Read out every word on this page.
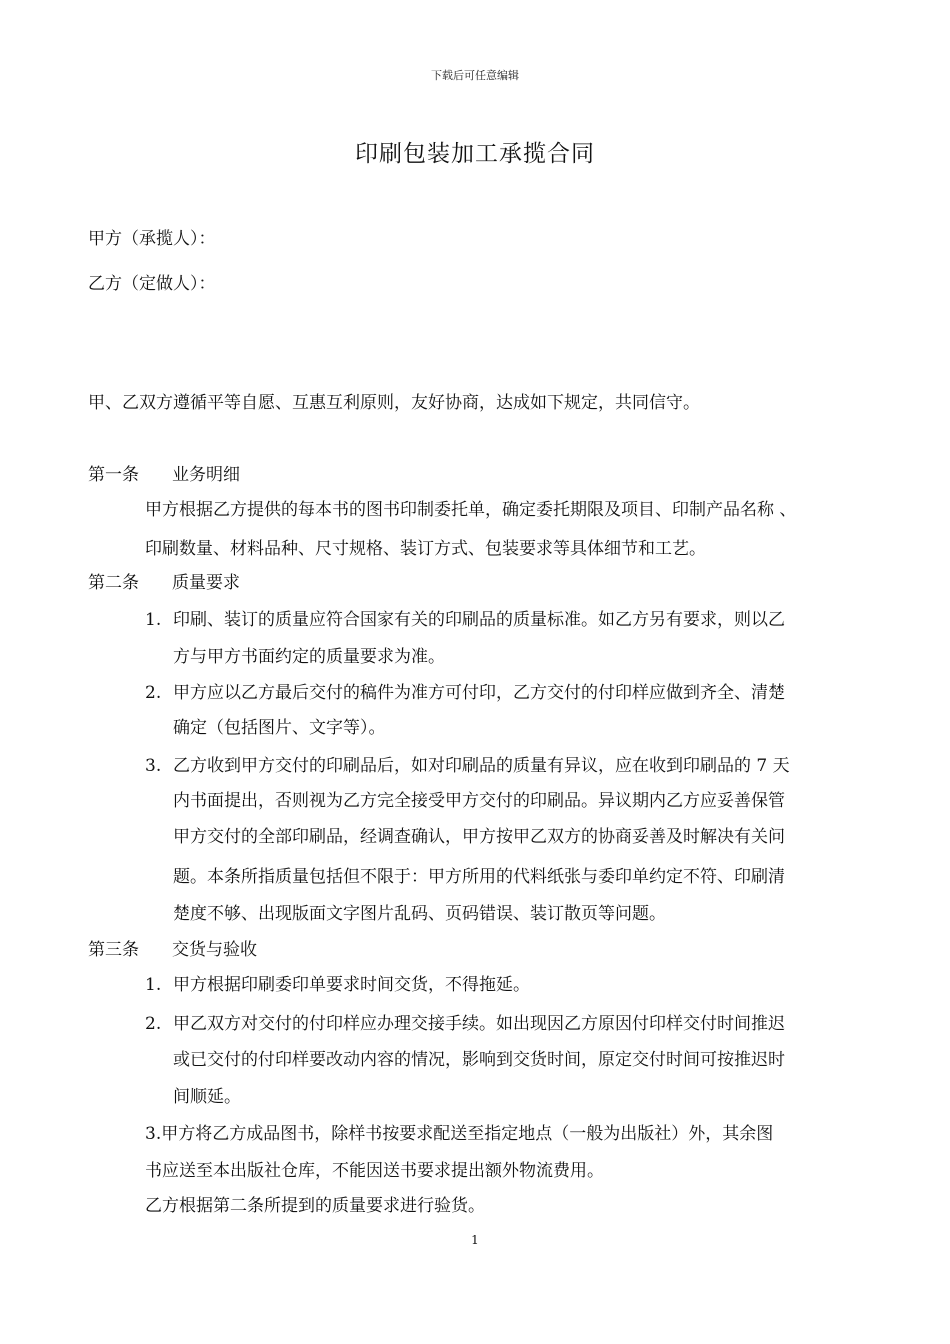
下载后可任意编辑
印刷包装加工承揽合同
甲方（承揽人）：
乙方（定做人）：
甲、乙双方遵循平等自愿、互惠互利原则，友好协商，达成如下规定，共同信守。
第一条 业务明细
甲方根据乙方提供的每本书的图书印制委托单，确定委托期限及项目、印制产品名称 、
印刷数量、材料品种、尺寸规格、装订方式、包装要求等具体细节和工艺。
第二条 质量要求
1. 印刷、装订的质量应符合国家有关的印刷品的质量标准。如乙方另有要求，则以乙
方与甲方书面约定的质量要求为准。
2. 甲方应以乙方最后交付的稿件为准方可付印，乙方交付的付印样应做到齐全、清楚
确定（包括图片、文字等）。
3. 乙方收到甲方交付的印刷品后，如对印刷品的质量有异议，应在收到印刷品的 7 天
内书面提出，否则视为乙方完全接受甲方交付的印刷品。异议期内乙方应妥善保管
甲方交付的全部印刷品，经调查确认，甲方按甲乙双方的协商妥善及时解决有关问
题。本条所指质量包括但不限于：甲方所用的代料纸张与委印单约定不符、印刷清
楚度不够、出现版面文字图片乱码、页码错误、装订散页等问题。
第三条 交货与验收
1. 甲方根据印刷委印单要求时间交货，不得拖延。
2. 甲乙双方对交付的付印样应办理交接手续。如出现因乙方原因付印样交付时间推迟
或已交付的付印样要改动内容的情况，影响到交货时间，原定交付时间可按推迟时
间顺延。
3.甲方将乙方成品图书，除样书按要求配送至指定地点（一般为出版社）外，其余图
书应送至本出版社仓库，不能因送书要求提出额外物流费用。
乙方根据第二条所提到的质量要求进行验货。
1
